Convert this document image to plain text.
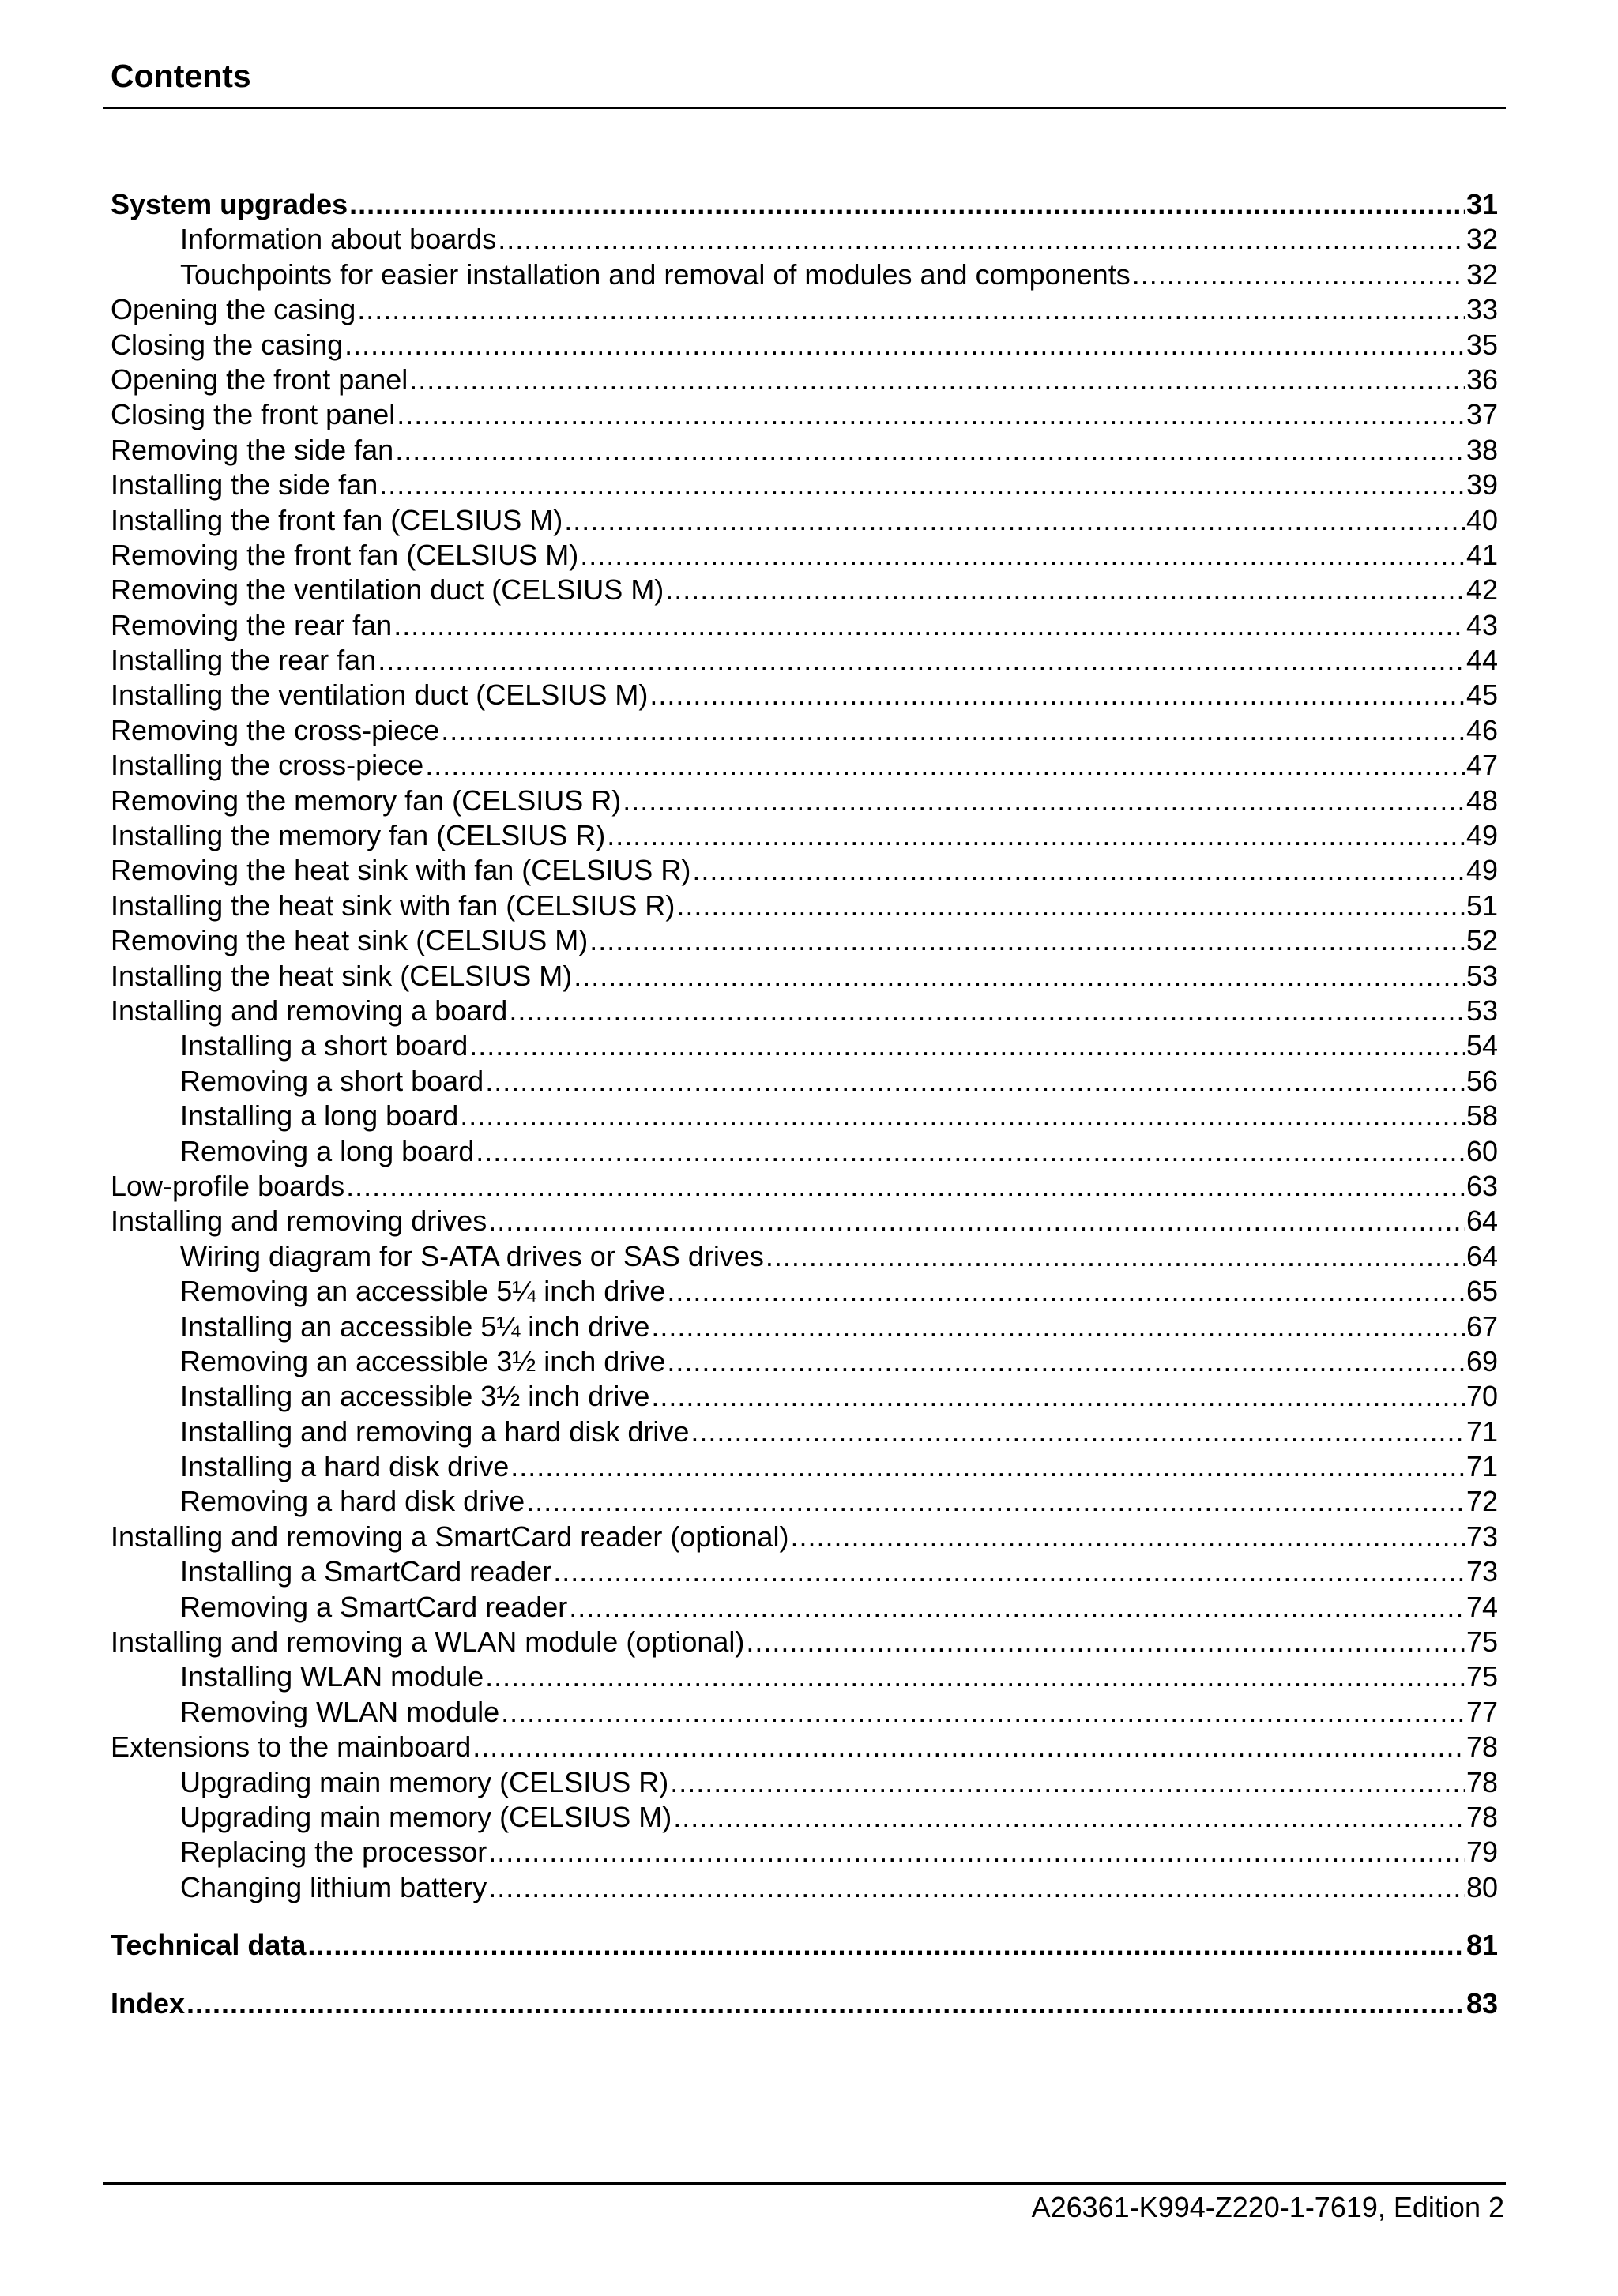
Contents
System upgrades .....	31
Information about boards .....	32
Touchpoints for easier installation and removal of modules and components .....	32
Opening the casing .....	33
Closing the casing .....	35
Opening the front panel .....	36
Closing the front panel .....	37
Removing the side fan .....	38
Installing the side fan .....	39
Installing the front fan (CELSIUS M) .....	40
Removing the front fan (CELSIUS M) .....	41
Removing the ventilation duct (CELSIUS M) .....	42
Removing the rear fan .....	43
Installing the rear fan .....	44
Installing the ventilation duct (CELSIUS M) .....	45
Removing the cross-piece .....	46
Installing the cross-piece .....	47
Removing the memory fan (CELSIUS R) .....	48
Installing the memory fan (CELSIUS R) .....	49
Removing the heat sink with fan (CELSIUS R) .....	49
Installing the heat sink with fan (CELSIUS R) .....	51
Removing the heat sink (CELSIUS M) .....	52
Installing the heat sink (CELSIUS M) .....	53
Installing and removing a board .....	53
Installing a short board .....	54
Removing a short board .....	56
Installing a long board .....	58
Removing a long board .....	60
Low-profile boards .....	63
Installing and removing drives .....	64
Wiring diagram for S-ATA drives or SAS drives .....	64
Removing an accessible 5¼ inch drive .....	65
Installing an accessible 5¼ inch drive .....	67
Removing an accessible 3½ inch drive .....	69
Installing an accessible 3½ inch drive .....	70
Installing and removing a hard disk drive .....	71
Installing a hard disk drive .....	71
Removing a hard disk drive .....	72
Installing and removing a SmartCard reader (optional) .....	73
Installing a SmartCard reader .....	73
Removing a SmartCard reader .....	74
Installing and removing a WLAN module (optional) .....	75
Installing WLAN module .....	75
Removing WLAN module .....	77
Extensions to the mainboard .....	78
Upgrading main memory (CELSIUS R) .....	78
Upgrading main memory (CELSIUS M) .....	78
Replacing the processor .....	79
Changing lithium battery .....	80
Technical data .....	81
Index .....	83

A26361-K994-Z220-1-7619, Edition 2
